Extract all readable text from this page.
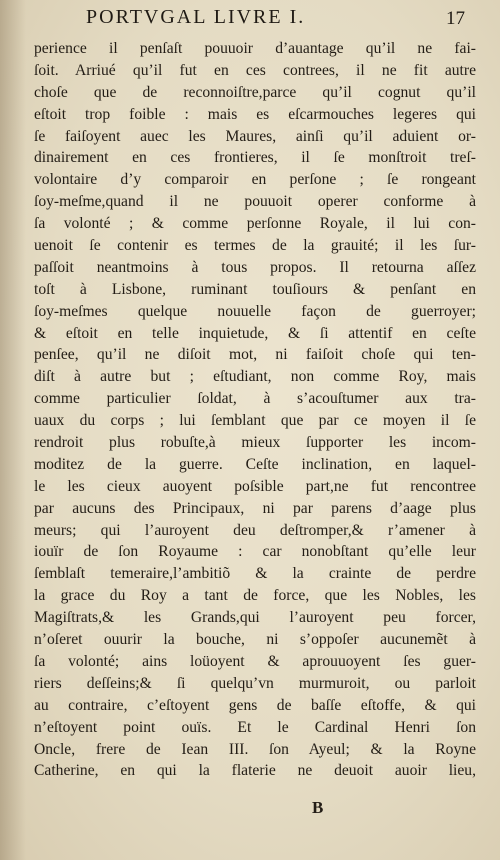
PORTVGAL LIVRE I.	17
perience il penſaſt pouuoir d’auantage qu’il ne fai-
ſoit. Arriué qu’il fut en ces contrees, il ne fit autre
choſe que de reconnoiſtre,parce qu’il cognut qu’il
eſtoit trop foible : mais es eſcarmouches legeres qui
ſe faiſoyent auec les Maures, ainſi qu’il aduient or-
dinairement en ces frontieres, il ſe monſtroit treſ-
volontaire d’y comparoir en perſone ; ſe rongeant
ſoy-meſme,quand il ne pouuoit operer conforme à
ſa volonté ; & comme perſonne Royale, il lui con-
uenoit ſe contenir es termes de la grauité; il les ſur-
paſſoit neantmoins à tous propos. Il retourna aſſez
toſt à Lisbone, ruminant touſiours & penſant en
ſoy-meſmes quelque nouuelle façon de guerroyer;
& eſtoit en telle inquietude, & ſi attentif en ceſte
penſee, qu’il ne diſoit mot, ni faiſoit choſe qui ten-
diſt à autre but ; eſtudiant, non comme Roy, mais
comme particulier ſoldat, à s’acouſtumer aux tra-
uaux du corps ; lui ſemblant que par ce moyen il ſe
rendroit plus robuſte,à mieux ſupporter les incom-
moditez de la guerre. Ceſte inclination, en laquel-
le les cieux auoyent poſsible part,ne fut rencontree
par aucuns des Principaux, ni par parens d’aage plus
meurs; qui l’auroyent deu deſtromper,& r’amener à
iouïr de ſon Royaume : car nonobſtant qu’elle leur
ſemblaſt temeraire,l’ambitiõ & la crainte de perdre
la grace du Roy a tant de force, que les Nobles, les
Magiſtrats,& les Grands,qui l’auroyent peu forcer,
n’oſeret ouurir la bouche, ni s’oppoſer aucunemẽt à
ſa volonté; ains loüoyent & aprouuoyent ſes guer-
riers deſſeins;& ſi quelqu’vn murmuroit, ou parloit
au contraire, c’eſtoyent gens de baſſe eſtoffe, & qui
n’eſtoyent point ouïs. Et le Cardinal Henri ſon
Oncle, frere de Iean III. ſon Ayeul; & la Royne
Catherine, en qui la flaterie ne deuoit auoir lieu,
B
